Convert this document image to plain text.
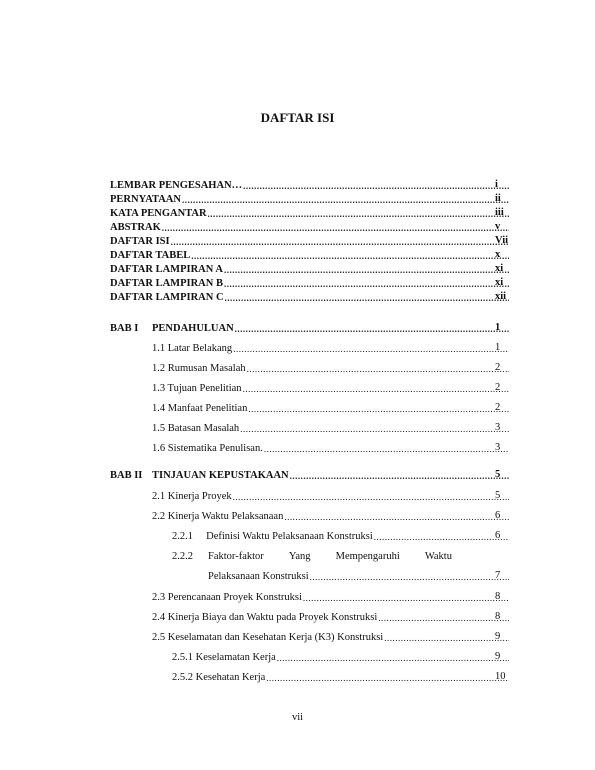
DAFTAR ISI
LEMBAR PENGESAHAN… .....	i
PERNYATAAN .....	ii
KATA PENGANTAR .....	iii
ABSTRAK .....	v
DAFTAR ISI .....	Vii
DAFTAR TABEL .....	x
DAFTAR LAMPIRAN A .....	xi
DAFTAR LAMPIRAN B .....	xi
DAFTAR LAMPIRAN C .....	xii
BAB I	PENDAHULUAN .....	1
1.1 Latar Belakang .....	1
1.2 Rumusan Masalah .....	2
1.3 Tujuan Penelitian .....	2
1.4 Manfaat Penelitian .....	2
1.5 Batasan Masalah .....	3
1.6 Sistematika Penulisan. .....	3
BAB II TINJAUAN KEPUSTAKAAN .....	5
2.1 Kinerja Proyek .....	5
2.2 Kinerja Waktu Pelaksanaan .....	6
2.2.1     Definisi Waktu Pelaksanaan Konstruksi .....	6
2.2.2	Faktor-faktor Yang Mempengaruhi Waktu
Pelaksanaan Konstruksi .....	7
2.3 Perencanaan Proyek Konstruksi .....	8
2.4 Kinerja Biaya dan Waktu pada Proyek Konstruksi .....	8
2.5 Keselamatan dan Kesehatan Kerja (K3) Konstruksi .....	9
2.5.1 Keselamatan Kerja .....	9
2.5.2 Kesehatan Kerja .....	10
vii
